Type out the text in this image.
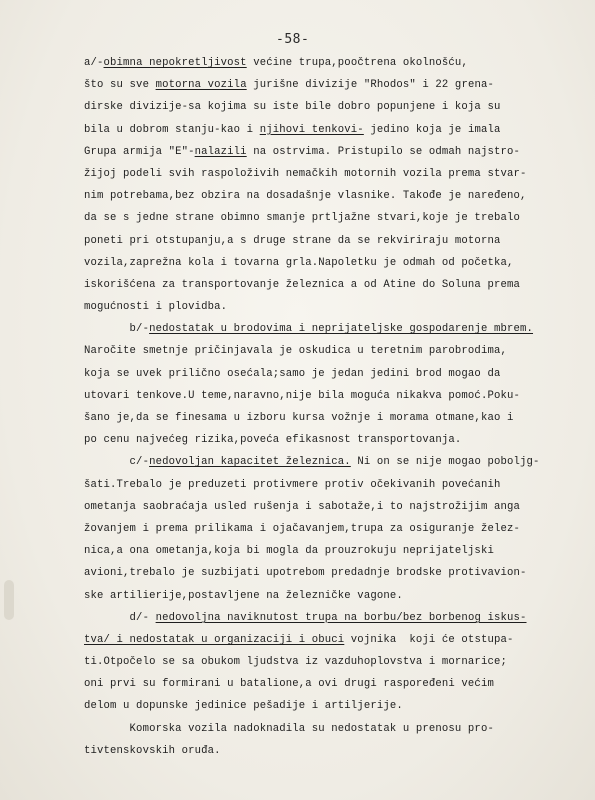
-58-
a/-obimna nepokretljivost većine trupa,poočtrena okolnošću,
što su sve motorna vozila jurišne divizije "Rhodos" i 22 grena-
dirske divizije-sa kojima su iste bile dobro popunjene i koja su
bila u dobrom stanju-kao i njihovi tenkovi- jedino koja je imala
Grupa armija "E"-nalazili na ostrvima. Pristupilo se odmah najstro-
žijoj podeli svih raspoloživih nemačkih motornih vozila prema stvar-
nim potrebama,bez obzira na dosadašnje vlasnike. Takođe je naređeno,
da se s jedne strane obimno smanje prtljažne stvari,koje je trebalo
poneti pri otstupanju,a s druge strane da se rekviriraju motorna
vozila,zaprežna kola i tovarna grla.Napoletku je odmah od početka,
iskorišćena za transportovanje železnica a od Atine do Soluna prema
mogućnosti i plovidba.
b/-nedostatak u brodovima i neprijateljske gospodarenje mbrem.
Naročite smetnje pričinjavala je oskudica u teretnim parobrodima,
koja se uvek prilično osećala;samo je jedan jedini brod mogao da
utovari tenkove.U teme,naravno,nije bila moguća nikakva pomoć.Poku-
šano je,da se finesama u izboru kursa vožnje i morama otmane,kao i
po cenu najvećeg rizika,poveća efikasnost transportovanja.
c/-nedovoljan kapacitet železnica. Ni on se nije mogao poboljg-
šati.Trebalo je preduzeti protivmere protiv očekivanih povećanih
ometanja saobraćaja usled rušenja i sabotaže,i to najstrožijim anga
žovanjem i prema prilikama i ojačavanjem,trupa za osiguranje želez-
nica,a ona ometanja,koja bi mogla da prouzrokuju neprijateljski
avioni,trebalo je suzbijati upotrebom predadnje brodske protivavion-
ske artilierije,postavljene na železničke vagone.
d/- nedovoljna naviknutost trupa na borbu/bez borbenog iskus-
tva/ i nedostatak u organizaciji i obuci vojnika  koji će otstupa-
ti.Otpočelo se sa obukom ljudstva iz vazduhoplovstva i mornarice;
oni prvi su formirani u batalione,a ovi drugi raspoređeni većim
delom u dopunske jedinice pešadije i artiljerije.
Komorska vozila nadoknadila su nedostatak u prenosu pro-
tivtenskovskih oruđa.
